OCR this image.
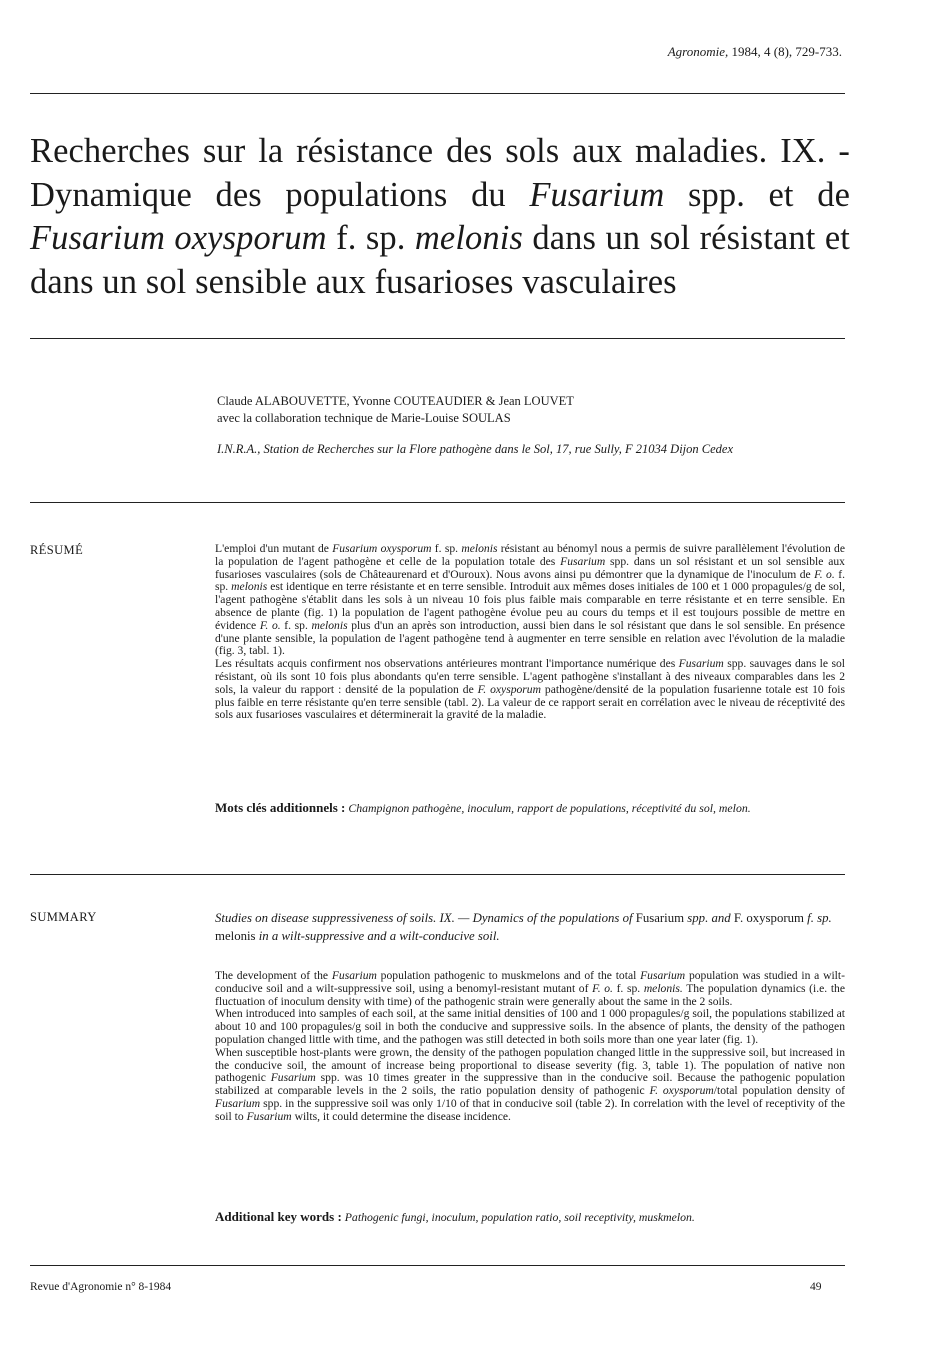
Agronomie, 1984, 4 (8), 729-733.
Recherches sur la résistance des sols aux maladies. IX. - Dynamique des populations du Fusarium spp. et de Fusarium oxysporum f. sp. melonis dans un sol résistant et dans un sol sensible aux fusarioses vasculaires
Claude ALABOUVETTE, Yvonne COUTEAUDIER & Jean LOUVET
avec la collaboration technique de Marie-Louise SOULAS
I.N.R.A., Station de Recherches sur la Flore pathogène dans le Sol, 17, rue Sully, F 21034 Dijon Cedex
RÉSUMÉ	L'emploi d'un mutant de Fusarium oxysporum f. sp. melonis résistant au bénomyl nous a permis de suivre parallèlement l'évolution de la population de l'agent pathogène et celle de la population totale des Fusarium spp. dans un sol résistant et un sol sensible aux fusarioses vasculaires (sols de Châteaurenard et d'Ouroux). Nous avons ainsi pu démontrer que la dynamique de l'inoculum de F. o. f. sp. melonis est identique en terre résistante et en terre sensible. Introduit aux mêmes doses initiales de 100 et 1 000 propagules/g de sol, l'agent pathogène s'établit dans les sols à un niveau 10 fois plus faible mais comparable en terre résistante et en terre sensible. En absence de plante (fig. 1) la population de l'agent pathogène évolue peu au cours du temps et il est toujours possible de mettre en évidence F. o. f. sp. melonis plus d'un an après son introduction, aussi bien dans le sol résistant que dans le sol sensible. En présence d'une plante sensible, la population de l'agent pathogène tend à augmenter en terre sensible en relation avec l'évolution de la maladie (fig. 3, tabl. 1).

Les résultats acquis confirment nos observations antérieures montrant l'importance numérique des Fusarium spp. sauvages dans le sol résistant, où ils sont 10 fois plus abondants qu'en terre sensible. L'agent pathogène s'installant à des niveaux comparables dans les 2 sols, la valeur du rapport : densité de la population de F. oxysporum pathogène/densité de la population fusarienne totale est 10 fois plus faible en terre résistante qu'en terre sensible (tabl. 2). La valeur de ce rapport serait en corrélation avec le niveau de réceptivité des sols aux fusarioses vasculaires et déterminerait la gravité de la maladie.

Mots clés additionnels : Champignon pathogène, inoculum, rapport de populations, réceptivité du sol, melon.
SUMMARY	Studies on disease suppressiveness of soils. IX. — Dynamics of the populations of Fusarium spp. and F. oxysporum f. sp. melonis in a wilt-suppressive and a wilt-conducive soil.

The development of the Fusarium population pathogenic to muskmelons and of the total Fusarium population was studied in a wilt-conducive soil and a wilt-suppressive soil, using a benomyl-resistant mutant of F. o. f. sp. melonis. The population dynamics (i.e. the fluctuation of inoculum density with time) of the pathogenic strain were generally about the same in the 2 soils.

When introduced into samples of each soil, at the same initial densities of 100 and 1 000 propagules/g soil, the populations stabilized at about 10 and 100 propagules/g soil in both the conducive and suppressive soils. In the absence of plants, the density of the pathogen population changed little with time, and the pathogen was still detected in both soils more than one year later (fig. 1).

When susceptible host-plants were grown, the density of the pathogen population changed little in the suppressive soil, but increased in the conducive soil, the amount of increase being proportional to disease severity (fig. 3, table 1). The population of native non pathogenic Fusarium spp. was 10 times greater in the suppressive than in the conducive soil. Because the pathogenic population stabilized at comparable levels in the 2 soils, the ratio population density of pathogenic F. oxysporum/total population density of Fusarium spp. in the suppressive soil was only 1/10 of that in conducive soil (table 2). In correlation with the level of receptivity of the soil to Fusarium wilts, it could determine the disease incidence.

Additional key words : Pathogenic fungi, inoculum, population ratio, soil receptivity, muskmelon.
Revue d'Agronomie n° 8-1984	49
